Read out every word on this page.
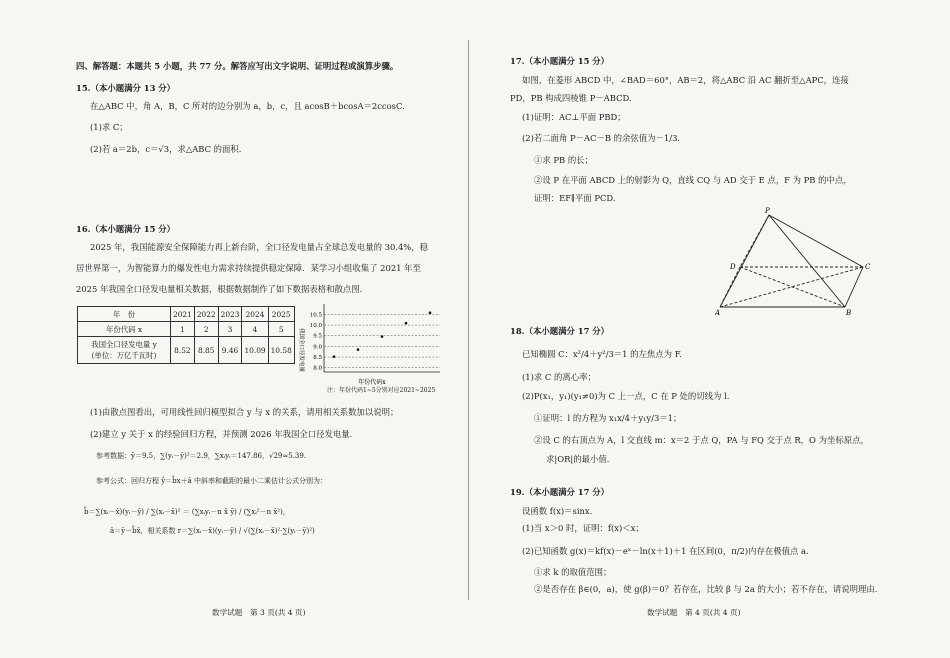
四、解答题：本题共 5 小题，共 77 分。解答应写出文字说明、证明过程或演算步骤。
15.（本小题满分 13 分）
在△ABC 中，角 A，B，C 所对的边分别为 a，b，c，且 acosB＋bcosA＝2ccosC.
(1)求 C；
(2)若 a＝2b，c＝√3，求△ABC 的面积.
16.（本小题满分 15 分）
2025 年，我国能源安全保障能力再上新台阶，全口径发电量占全球总发电量的 30.4%，稳
居世界第一，为智能算力的爆发性电力需求持续提供稳定保障．某学习小组收集了 2021 年至
2025 年我国全口径发电量相关数据，根据数据制作了如下数据表格和散点图.
年　份	2021	2022	2023	2024	2025
年份代码 x	1	2	3	4	5

我国全口径发电量 y
(单位：万亿千瓦时)	8.52	8.85	9.46	10.09	10.58 我国全口径发电量	8.0
8.5
9.0
9.5
10.0
10.5
年份代码x
注：年份代码1~5分别对应2021~2025
(1)由散点图看出，可用线性回归模型拟合 y 与 x 的关系，请用相关系数加以说明；
(2)建立 y 关于 x 的经验回归方程，并预测 2026 年我国全口径发电量.
参考数据：ȳ＝9.5，∑(yᵢ－ȳ)²＝2.9，∑xᵢyᵢ＝147.86，√29≈5.39.
参考公式：回归方程 ŷ＝b̂x＋â 中斜率和截距的最小二乘估计公式分别为：
b̂＝∑(xᵢ－x̄)(yᵢ－ȳ) / ∑(xᵢ－x̄)² ＝ (∑xᵢyᵢ－n x̄ ȳ) / (∑xᵢ²－n x̄²)，
â＝ȳ－b̂x̄，相关系数 r＝∑(xᵢ－x̄)(yᵢ－ȳ) / √(∑(xᵢ－x̄)²·∑(yᵢ－ȳ)²)
数学试题　第 3 页(共 4 页)
17.（本小题满分 15 分）
如图，在菱形 ABCD 中，∠BAD＝60°，AB＝2，将△ABC 沿 AC 翻折至△APC，连接
PD，PB 构成四棱锥 P－ABCD.
(1)证明：AC⊥平面 PBD；
(2)若二面角 P－AC－B 的余弦值为－1/3.
①求 PB 的长；
②设 P 在平面 ABCD 上的射影为 Q，直线 CQ 与 AD 交于 E 点，F 为 PB 的中点，
证明：EF∥平面 PCD.
P
D	C
A	B
18.（本小题满分 17 分）
已知椭圆 C：x²/4＋y²/3＝1 的左焦点为 F.
(1)求 C 的离心率；
(2)P(x₁，y₁)(y₁≠0)为 C 上一点，C 在 P 处的切线为 l.
①证明：l 的方程为 x₁x/4＋y₁y/3＝1；
②设 C 的右顶点为 A，l 交直线 m：x＝2 于点 Q，PA 与 FQ 交于点 R，O 为坐标原点，
求|OR|的最小值.
19.（本小题满分 17 分）
设函数 f(x)＝sinx.
(1)当 x＞0 时，证明：f(x)＜x；
(2)已知函数 g(x)＝kf(x)－eˣ－ln(x＋1)＋1 在区间(0，π/2)内存在极值点 a.
①求 k 的取值范围；
②是否存在 β∈(0，a)，使 g(β)＝0？若存在，比较 β 与 2a 的大小；若不存在，请说明理由.
数学试题　第 4 页(共 4 页)
